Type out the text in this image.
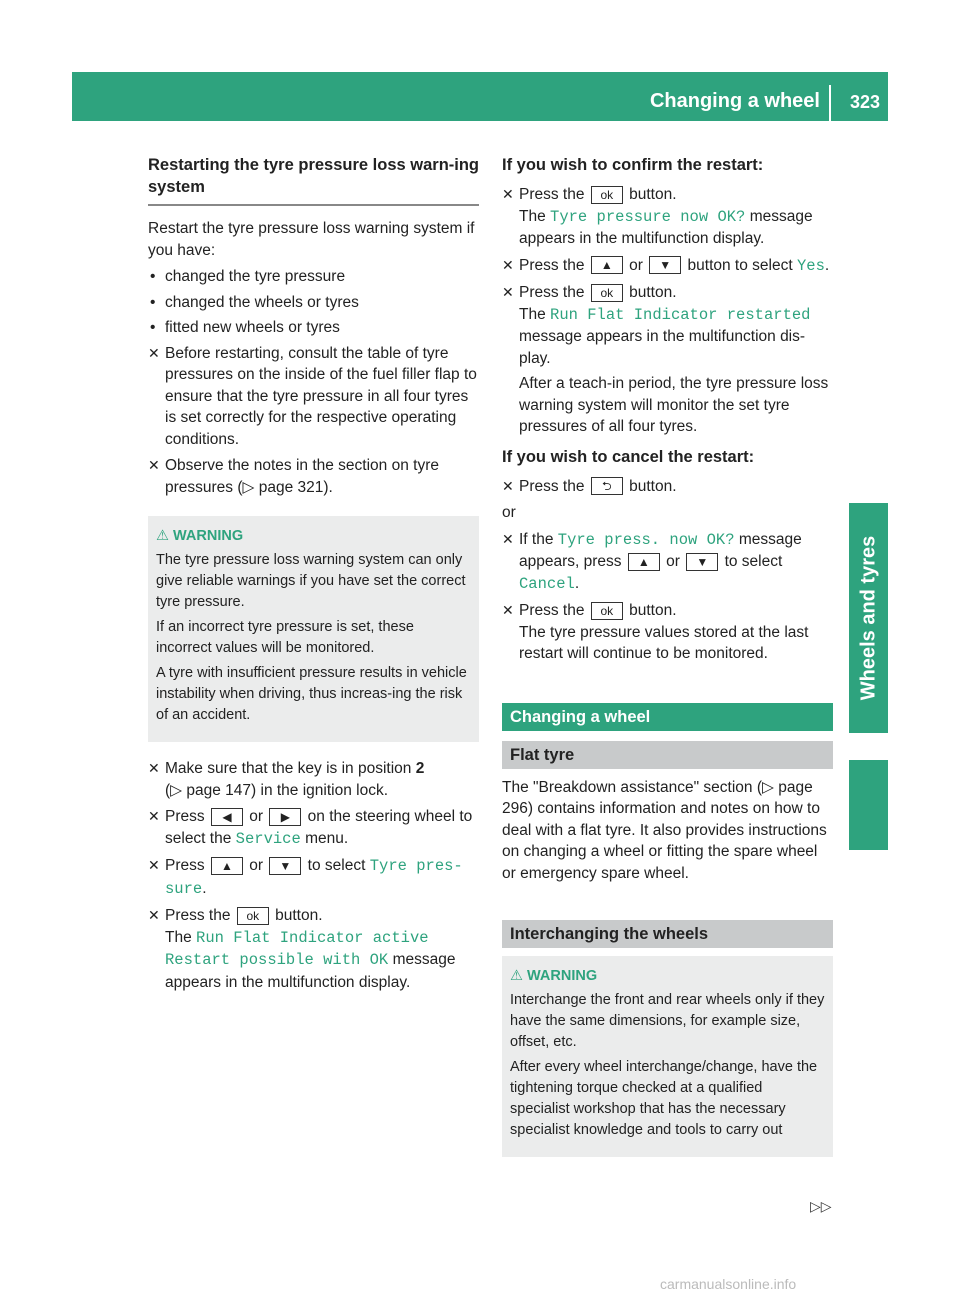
Changing a wheel 323
Wheels and tyres
Restarting the tyre pressure loss warn-ing system

Restart the tyre pressure loss warning system if you have:

• changed the tyre pressure
• changed the wheels or tyres
• fitted new wheels or tyres
✕ Before restarting, consult the table of tyre pressures on the inside of the fuel filler flap to ensure that the tyre pressure in all four tyres is set correctly for the respective operating conditions.
✕ Observe the notes in the section on tyre pressures (▷ page 321).
⚠ WARNING

The tyre pressure loss warning system can only give reliable warnings if you have set the correct tyre pressure.

If an incorrect tyre pressure is set, these incorrect values will be monitored.

A tyre with insufficient pressure results in vehicle instability when driving, thus increas-ing the risk of an accident.

✕ Make sure that the key is in position 2
(▷ page 147) in the ignition lock.
✕ Press ◀ or ▶ on the steering wheel to select the Service menu.
✕ Press ▲ or ▼ to select Tyre pres-sure.
✕ Press the ok button.
The Run Flat Indicator active Restart possible with OK message appears in the multifunction display.
If you wish to confirm the restart:
✕ Press the ok button.
The Tyre pressure now OK? message appears in the multifunction display.
✕ Press the ▲ or ▼ button to select Yes.
✕ Press the ok button.
The Run Flat Indicator restarted message appears in the multifunction dis-play.
After a teach-in period, the tyre pressure loss warning system will monitor the set tyre pressures of all four tyres.
If you wish to cancel the restart:
✕ Press the ⮌ button.

or

✕ If the Tyre press. now OK? message appears, press ▲ or ▼ to select Cancel.
✕ Press the ok button.
The tyre pressure values stored at the last restart will continue to be monitored.
Changing a wheel
Flat tyre

The "Breakdown assistance" section (▷ page 296) contains information and notes on how to deal with a flat tyre. It also provides instructions on changing a wheel or fitting the spare wheel or emergency spare wheel.

Interchanging the wheels
⚠ WARNING

Interchange the front and rear wheels only if they have the same dimensions, for example size, offset, etc.

After every wheel interchange/change, have the tightening torque checked at a qualified specialist workshop that has the necessary specialist knowledge and tools to carry out

▷▷
carmanualsonline.info
